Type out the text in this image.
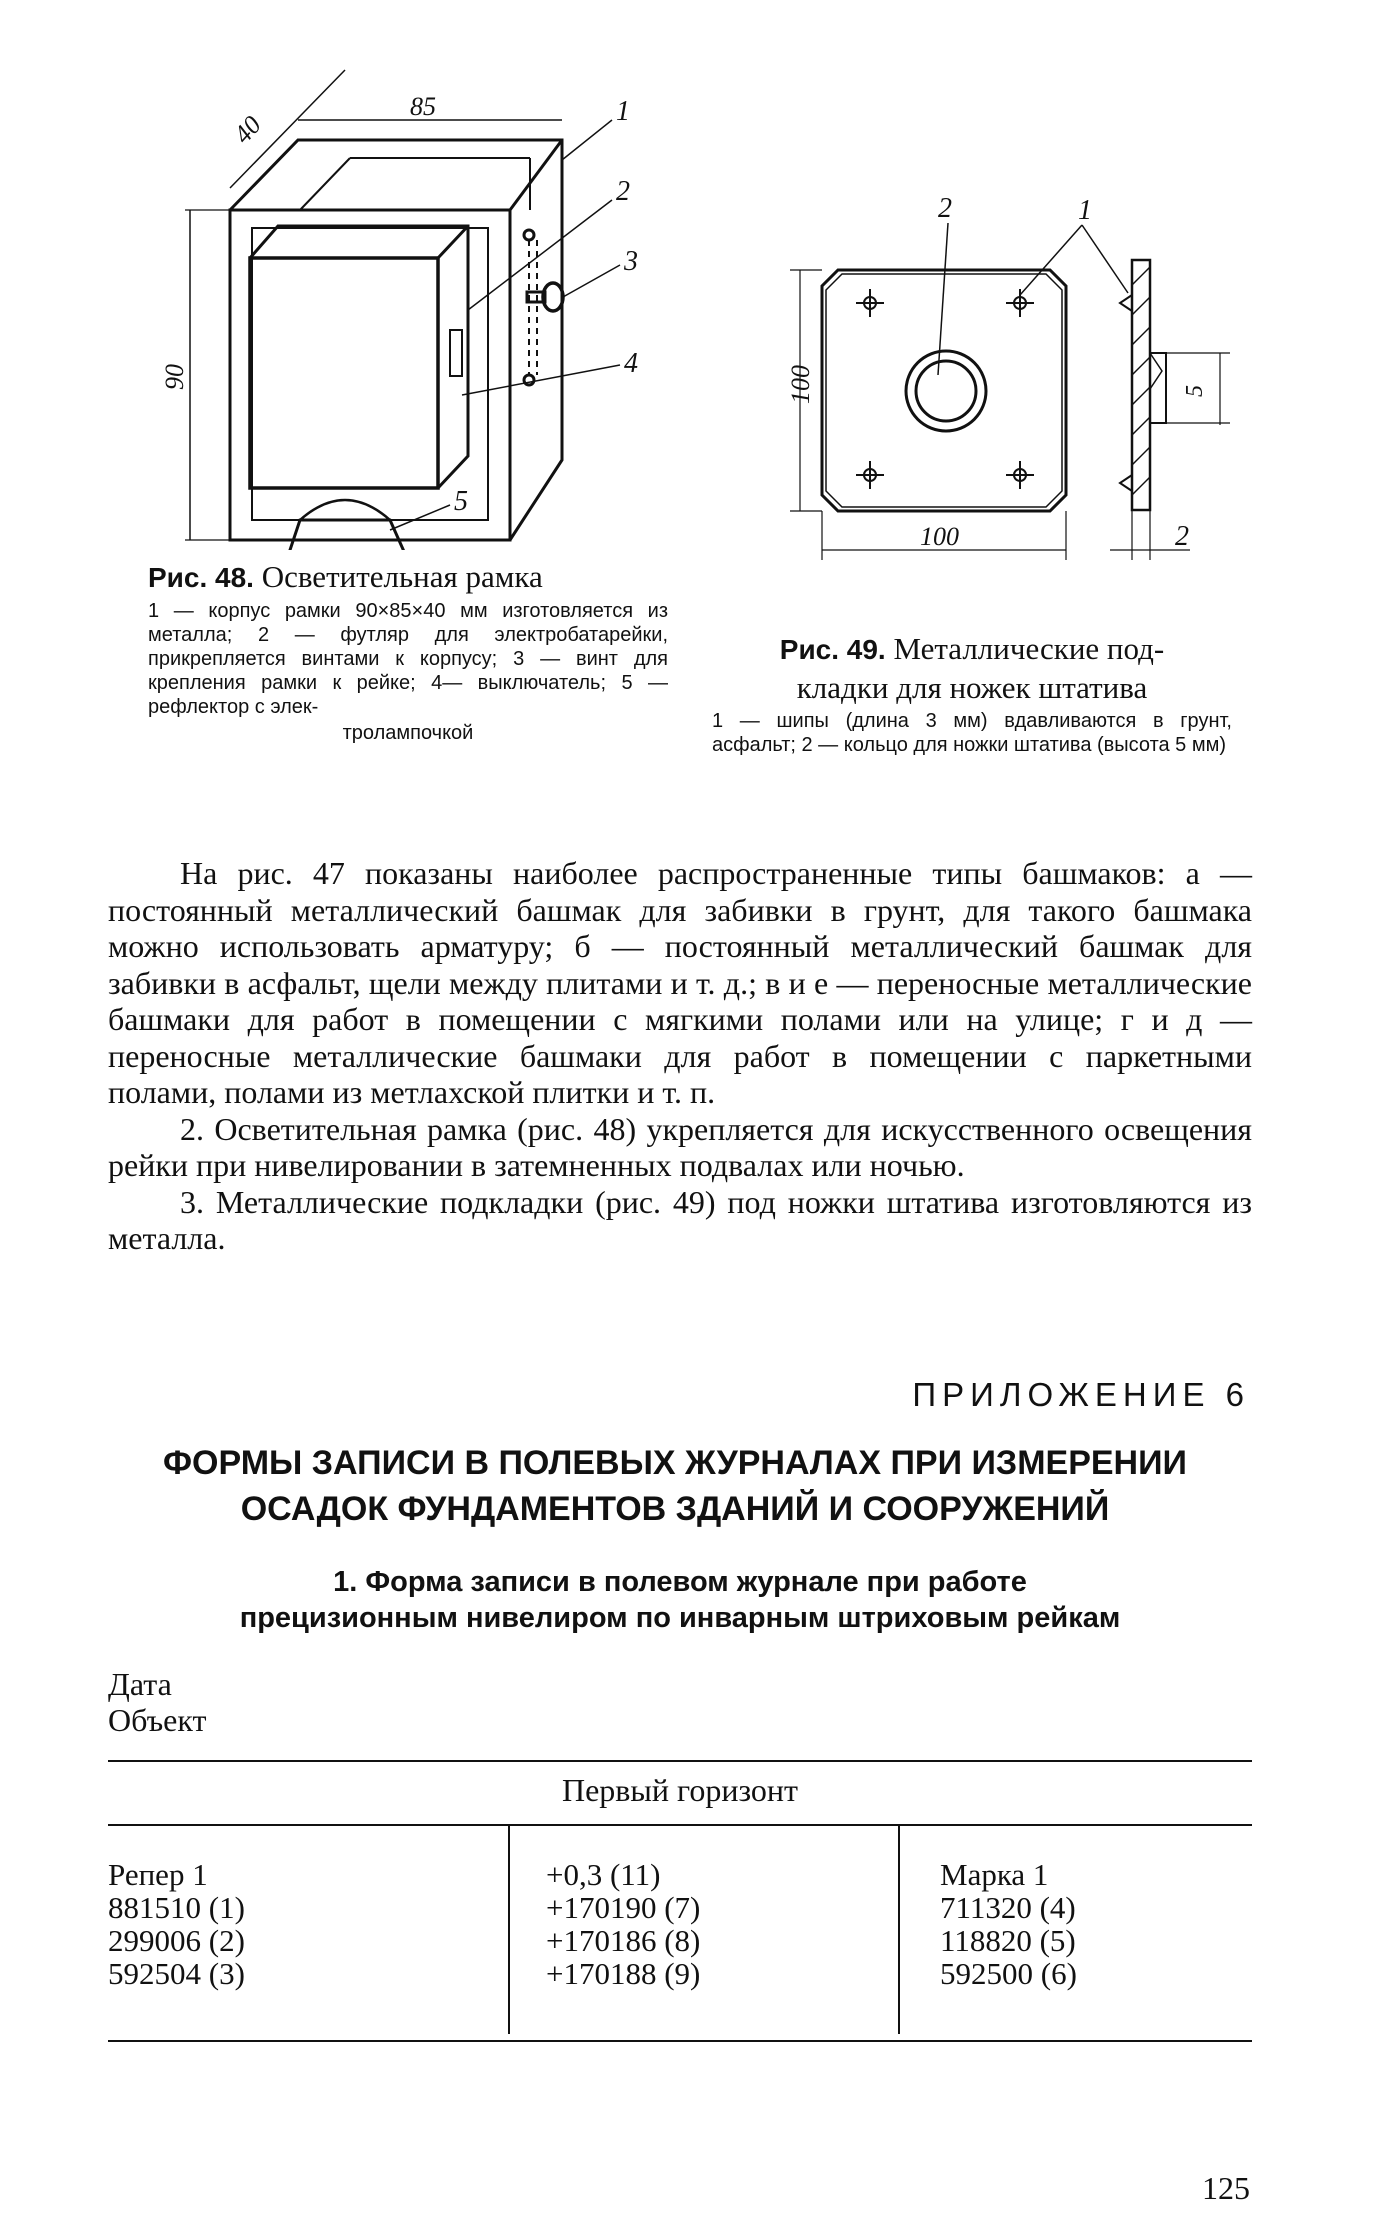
85
40
90
1
2
3
4
5
Рис. 48. Осветительная рамка
1 — корпус рамки 90×85×40 мм изготовляется из металла; 2 — футляр для электробатарейки, прикрепляется винтами к корпусу; 3 — винт для крепления рамки к рейке; 4— выключатель; 5 — рефлектор с элек-
тролампочкой
2	1
100
100
5
2
Рис. 49. Металлические под-
кладки для ножек штатива
1 — шипы (длина 3 мм) вдавливаются в грунт, асфальт; 2 — кольцо для ножки штатива (высота 5 мм)

На рис. 47 показаны наиболее распространенные типы башмаков: а — постоянный металлический башмак для забивки в грунт, для такого башмака можно использовать арматуру; б — постоянный металлический башмак для забивки в асфальт, щели между плитами и т. д.; в и е — переносные металлические башмаки для работ в помещении с мягкими полами или на улице; г и д — переносные металлические башмаки для работ в помещении с паркетными полами, полами из метлахской плитки и т. п.

2. Осветительная рамка (рис. 48) укрепляется для искусственного освещения рейки при нивелировании в затемненных подвалах или ночью.

3. Металлические подкладки (рис. 49) под ножки штатива изготовляются из металла.

ПРИЛОЖЕНИЕ 6
ФОРМЫ ЗАПИСИ В ПОЛЕВЫХ ЖУРНАЛАХ ПРИ ИЗМЕРЕНИИ
ОСАДОК ФУНДАМЕНТОВ ЗДАНИЙ И СООРУЖЕНИЙ
1. Форма записи в полевом журнале при работе
прецизионным нивелиром по инварным штриховым рейкам
Дата
Объект
Первый горизонт
Репер 1
881510 (1)
299006 (2)
592504 (3)
+0,3 (11)
+170190 (7)
+170186 (8)
+170188 (9)
Марка 1
711320 (4)
118820 (5)
592500 (6)
125
